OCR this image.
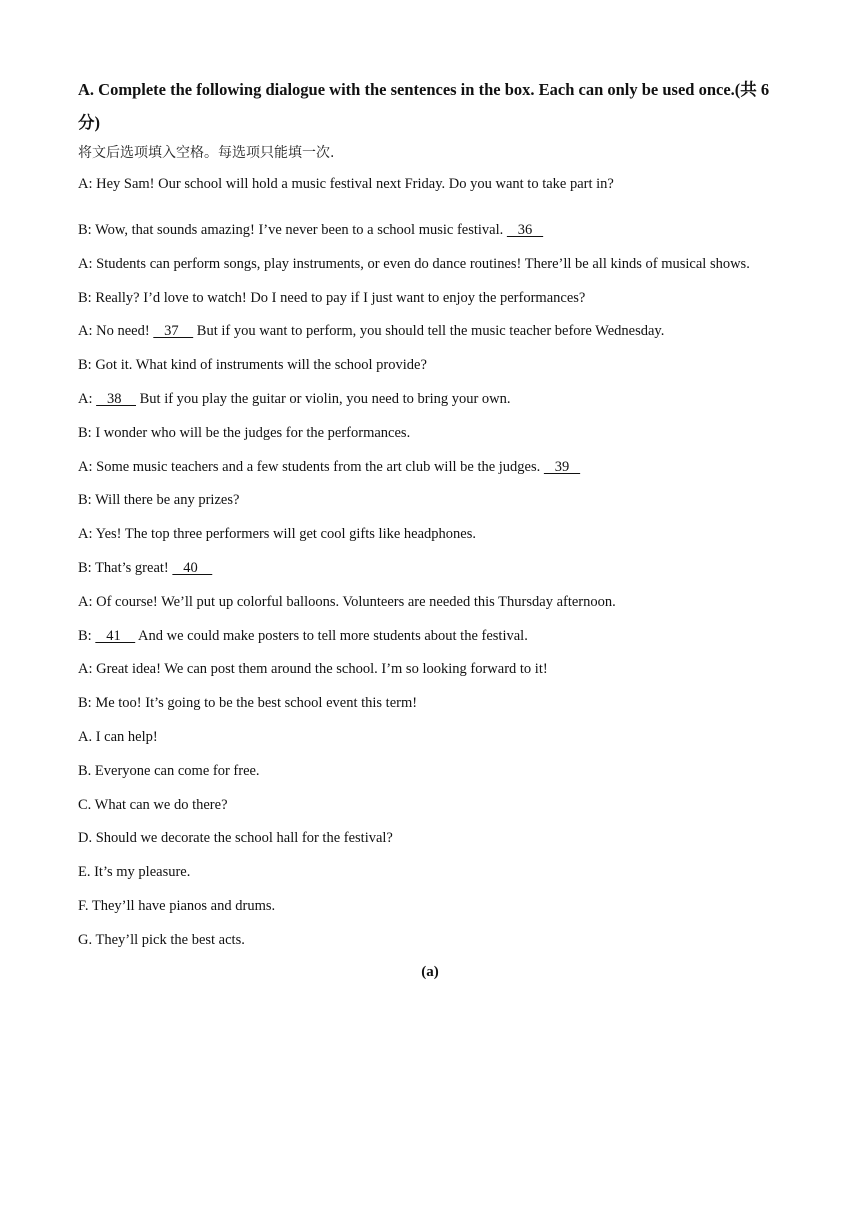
A. Complete the following dialogue with the sentences in the box. Each can only be used once.(共 6 分)
将文后选项填入空格。每选项只能填一次.
A: Hey Sam! Our school will hold a music festival next Friday. Do you want to take part in?
B: Wow, that sounds amazing! I’ve never been to a school music festival.    36
A: Students can perform songs, play instruments, or even do dance routines! There’ll be all kinds of musical shows.
B: Really? I’d love to watch! Do I need to pay if I just want to enjoy the performances?
A: No need!    37     But if you want to perform, you should tell the music teacher before Wednesday.
B: Got it. What kind of instruments will the school provide?
A:    38     But if you play the guitar or violin, you need to bring your own.
B: I wonder who will be the judges for the performances.
A: Some music teachers and a few students from the art club will be the judges.    39
B: Will there be any prizes?
A: Yes! The top three performers will get cool gifts like headphones.
B: That’s great!    40
A: Of course! We’ll put up colorful balloons. Volunteers are needed this Thursday afternoon.
B:    41     And we could make posters to tell more students about the festival.
A: Great idea! We can post them around the school. I’m so looking forward to it!
B: Me too! It’s going to be the best school event this term!
A. I can help!
B. Everyone can come for free.
C. What can we do there?
D. Should we decorate the school hall for the festival?
E. It’s my pleasure.
F. They’ll have pianos and drums.
G. They’ll pick the best acts.
(a)
